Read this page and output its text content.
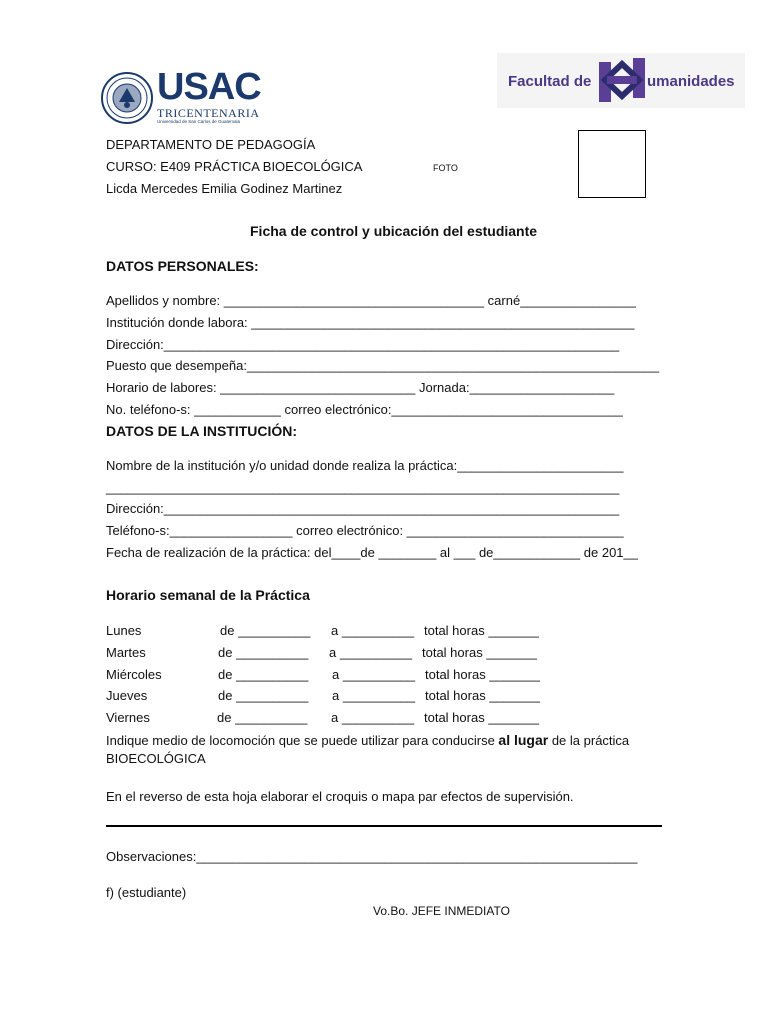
USAC
TRICENTENARIA
Universidad de San Carlos de Guatemala
Facultad de	umanidades
DEPARTAMENTO DE PEDAGOGÍA
CURSO: E409 PRÁCTICA BIOECOLÓGICA	FOTO
Licda Mercedes Emilia Godinez Martinez
Ficha de control y ubicación del estudiante
DATOS PERSONALES:
Apellidos y nombre: ____________________________________ carné________________
Institución donde labora: _____________________________________________________
Dirección:_______________________________________________________________
Puesto que desempeña:_________________________________________________________
Horario de labores: ___________________________ Jornada:____________________
No. teléfono-s: ____________ correo electrónico:________________________________
DATOS DE LA INSTITUCIÓN:
Nombre de la institución y/o unidad donde realiza la práctica:_______________________
_______________________________________________________________________
Dirección:_______________________________________________________________
Teléfono-s:_________________ correo electrónico: ______________________________
Fecha de realización de la práctica: del____de ________ al ___ de____________ de 201__
Horario semanal de la Práctica
Lunes	de __________ a __________ total horas _______
Martes	de __________ a __________ total horas _______
Miércoles	de __________ a __________ total horas _______
Jueves	de __________ a __________ total horas _______
Viernes	de __________ a __________ total horas _______
Indique medio de locomoción que se puede utilizar para conducirse al lugar de la práctica
BIOECOLÓGICA
En el reverso de esta hoja elaborar el croquis o mapa par efectos de supervisión.
Observaciones:_____________________________________________________________
f) (estudiante)
Vo.Bo. JEFE INMEDIATO
